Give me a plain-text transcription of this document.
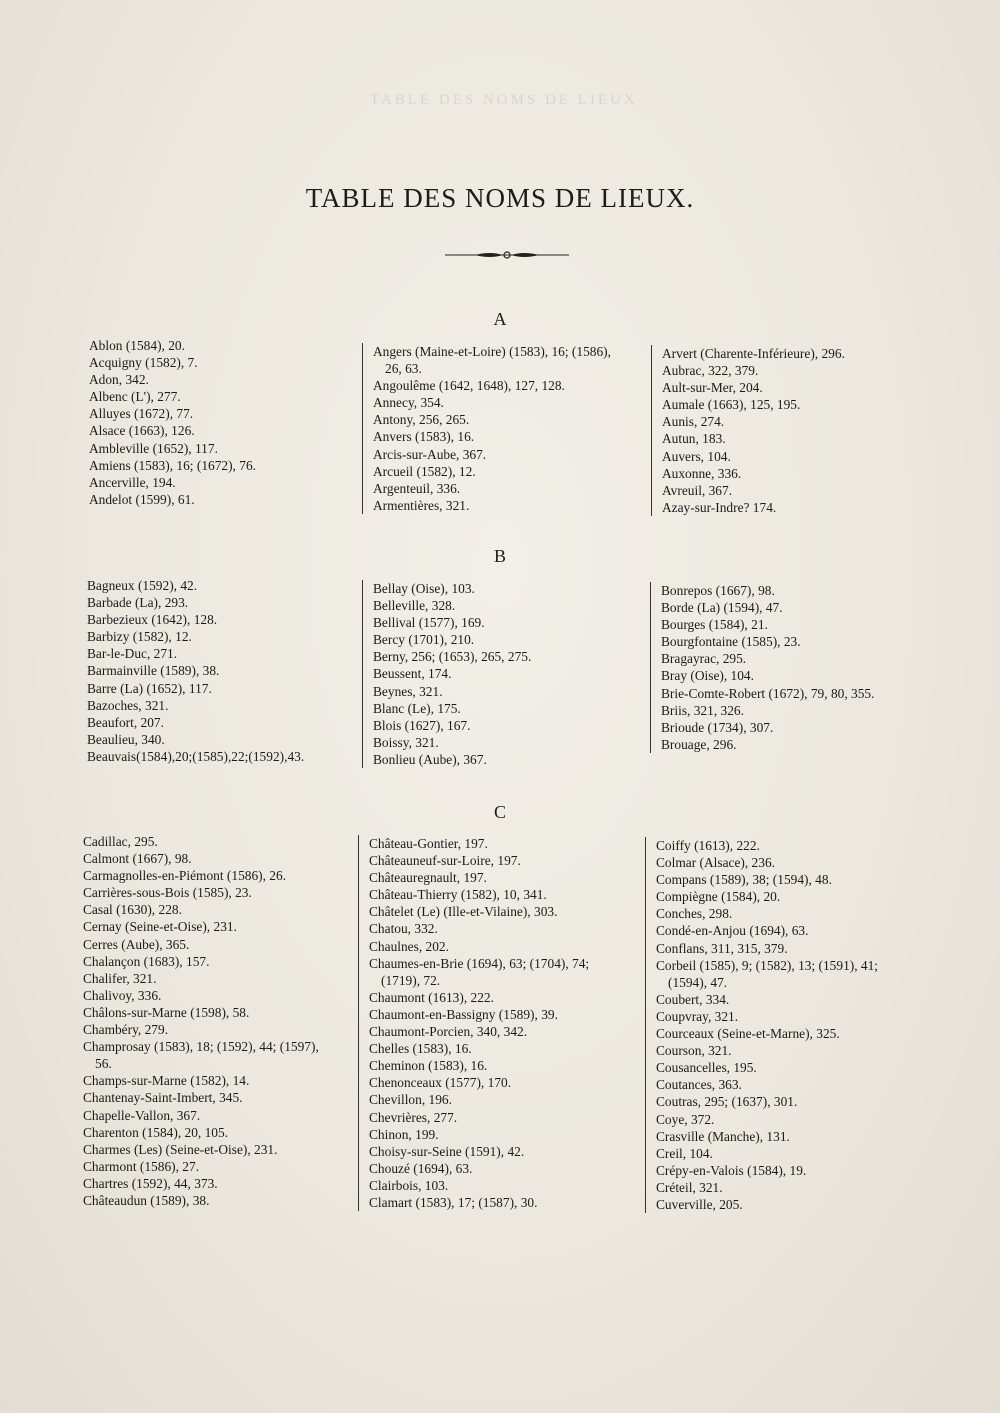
TABLE DES NOMS DE LIEUX
TABLE DES NOMS DE LIEUX.
A
Ablon (1584), 20.
Acquigny (1582), 7.
Adon, 342.
Albenc (L'), 277.
Alluyes (1672), 77.
Alsace (1663), 126.
Ambleville (1652), 117.
Amiens (1583), 16; (1672), 76.
Ancerville, 194.
Andelot (1599), 61.
Angers (Maine-et-Loire) (1583), 16; (1586),
26, 63.
Angoulême (1642, 1648), 127, 128.
Annecy, 354.
Antony, 256, 265.
Anvers (1583), 16.
Arcis-sur-Aube, 367.
Arcueil (1582), 12.
Argenteuil, 336.
Armentières, 321.
Arvert (Charente-Inférieure), 296.
Aubrac, 322, 379.
Ault-sur-Mer, 204.
Aumale (1663), 125, 195.
Aunis, 274.
Autun, 183.
Auvers, 104.
Auxonne, 336.
Avreuil, 367.
Azay-sur-Indre? 174.
B
Bagneux (1592), 42.
Barbade (La), 293.
Barbezieux (1642), 128.
Barbizy (1582), 12.
Bar-le-Duc, 271.
Barmainville (1589), 38.
Barre (La) (1652), 117.
Bazoches, 321.
Beaufort, 207.
Beaulieu, 340.
Beauvais(1584),20;(1585),22;(1592),43.
Bellay (Oise), 103.
Belleville, 328.
Bellival (1577), 169.
Bercy (1701), 210.
Berny, 256; (1653), 265, 275.
Beussent, 174.
Beynes, 321.
Blanc (Le), 175.
Blois (1627), 167.
Boissy, 321.
Bonlieu (Aube), 367.
Bonrepos (1667), 98.
Borde (La) (1594), 47.
Bourges (1584), 21.
Bourgfontaine (1585), 23.
Bragayrac, 295.
Bray (Oise), 104.
Brie-Comte-Robert (1672), 79, 80, 355.
Briis, 321, 326.
Brioude (1734), 307.
Brouage, 296.
C
Cadillac, 295.
Calmont (1667), 98.
Carmagnolles-en-Piémont (1586), 26.
Carrières-sous-Bois (1585), 23.
Casal (1630), 228.
Cernay (Seine-et-Oise), 231.
Cerres (Aube), 365.
Chalançon (1683), 157.
Chalifer, 321.
Chalivoy, 336.
Châlons-sur-Marne (1598), 58.
Chambéry, 279.
Champrosay (1583), 18; (1592), 44; (1597),
56.
Champs-sur-Marne (1582), 14.
Chantenay-Saint-Imbert, 345.
Chapelle-Vallon, 367.
Charenton (1584), 20, 105.
Charmes (Les) (Seine-et-Oise), 231.
Charmont (1586), 27.
Chartres (1592), 44, 373.
Châteaudun (1589), 38.
Château-Gontier, 197.
Châteauneuf-sur-Loire, 197.
Châteauregnault, 197.
Château-Thierry (1582), 10, 341.
Châtelet (Le) (Ille-et-Vilaine), 303.
Chatou, 332.
Chaulnes, 202.
Chaumes-en-Brie (1694), 63; (1704), 74;
(1719), 72.
Chaumont (1613), 222.
Chaumont-en-Bassigny (1589), 39.
Chaumont-Porcien, 340, 342.
Chelles (1583), 16.
Cheminon (1583), 16.
Chenonceaux (1577), 170.
Chevillon, 196.
Chevrières, 277.
Chinon, 199.
Choisy-sur-Seine (1591), 42.
Chouzé (1694), 63.
Clairbois, 103.
Clamart (1583), 17; (1587), 30.
Coiffy (1613), 222.
Colmar (Alsace), 236.
Compans (1589), 38; (1594), 48.
Compiègne (1584), 20.
Conches, 298.
Condé-en-Anjou (1694), 63.
Conflans, 311, 315, 379.
Corbeil (1585), 9; (1582), 13; (1591), 41;
(1594), 47.
Coubert, 334.
Coupvray, 321.
Courceaux (Seine-et-Marne), 325.
Courson, 321.
Cousancelles, 195.
Coutances, 363.
Coutras, 295; (1637), 301.
Coye, 372.
Crasville (Manche), 131.
Creil, 104.
Crépy-en-Valois (1584), 19.
Créteil, 321.
Cuverville, 205.
